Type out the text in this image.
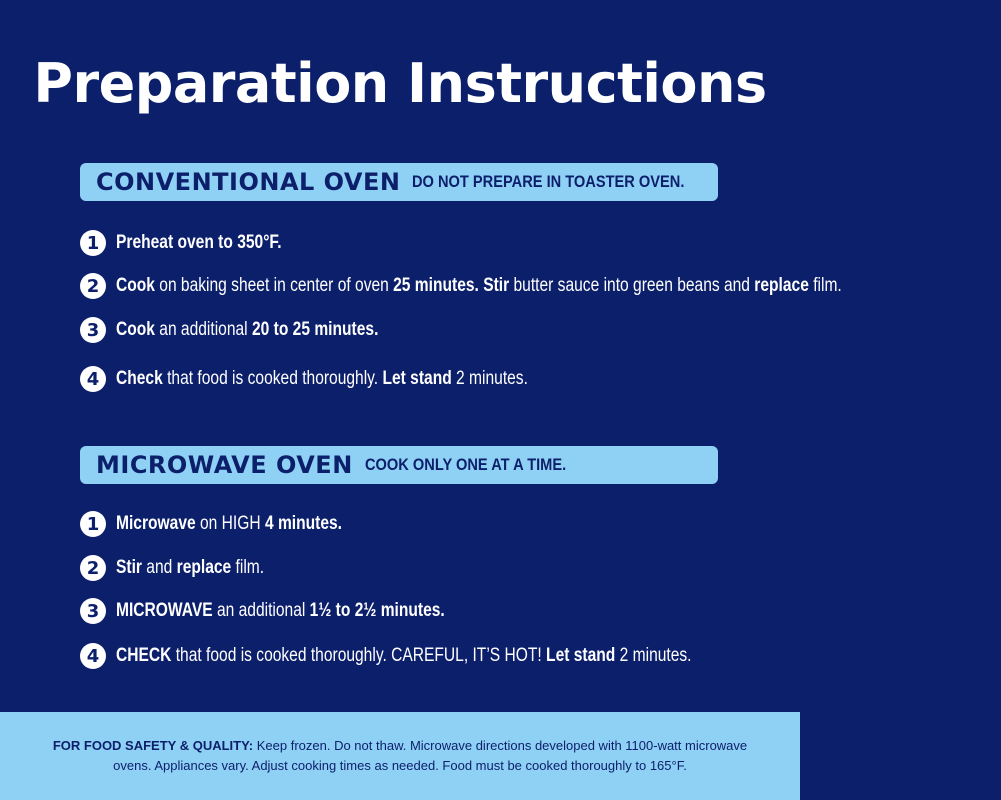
Preparation Instructions
CONVENTIONAL OVEN DO NOT PREPARE IN TOASTER OVEN.
1 Preheat oven to 350°F.
2 Cook on baking sheet in center of oven 25 minutes. Stir butter sauce into green beans and replace film.
3 Cook an additional 20 to 25 minutes.
4 Check that food is cooked thoroughly. Let stand 2 minutes.
MICROWAVE OVEN COOK ONLY ONE AT A TIME.
1 Microwave on HIGH 4 minutes.
2 Stir and replace film.
3 MICROWAVE an additional 1½ to 2½ minutes.
4 CHECK that food is cooked thoroughly. CAREFUL, IT’S HOT! Let stand 2 minutes.
FOR FOOD SAFETY & QUALITY: Keep frozen. Do not thaw. Microwave directions developed with 1100-watt microwave ovens. Appliances vary. Adjust cooking times as needed. Food must be cooked thoroughly to 165°F.
